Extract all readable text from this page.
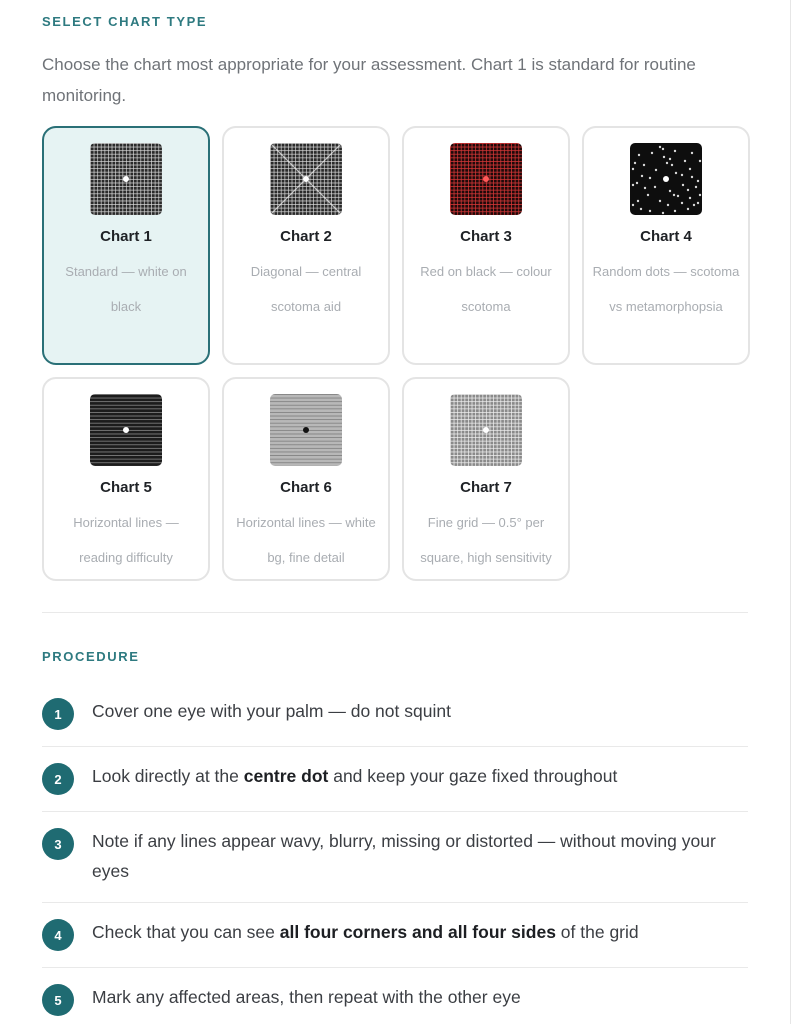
SELECT CHART TYPE
Choose the chart most appropriate for your assessment. Chart 1 is standard for routine monitoring.
Chart 1
Standard — white on black
Chart 2
Diagonal — central scotoma aid
Chart 3
Red on black — colour scotoma
Chart 4
Random dots — scotoma vs metamorphopsia
Chart 5
Horizontal lines — reading difficulty
Chart 6
Horizontal lines — white bg, fine detail
Chart 7
Fine grid — 0.5° per square, high sensitivity
PROCEDURE
1	Cover one eye with your palm — do not squint
2	Look directly at the centre dot and keep your gaze fixed throughout
3	Note if any lines appear wavy, blurry, missing or distorted — without moving your eyes
4	Check that you can see all four corners and all four sides of the grid
5	Mark any affected areas, then repeat with the other eye
